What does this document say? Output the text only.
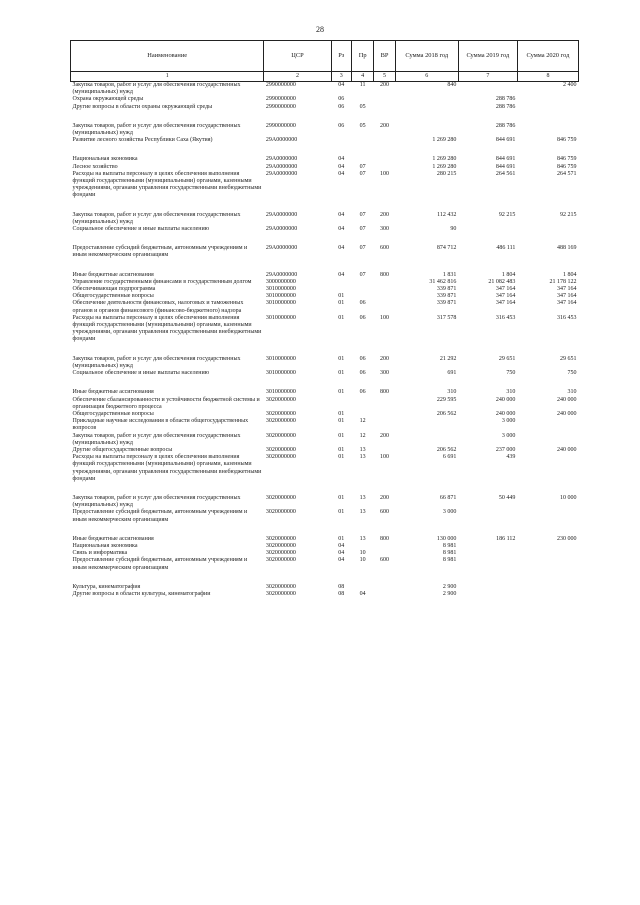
28
Наименование	ЦСР	Рз	Пр	ВР	Сумма 2018 год	Сумма 2019 год	Сумма 2020 год
1	2	3	4	5	6	7	8
Закупка товаров, работ и услуг для обеспечения государственных (муниципальных) нужд	2990000000	04	11	200	840		2 400
Охрана окружающей среды	2990000000	06				288 786	
Другие вопросы в области охраны окружающей среды	2990000000	06	05			288 786	

Закупка товаров, работ и услуг для обеспечения государственных (муниципальных) нужд	2990000000	06	05	200		288 786	
Развитие лесного хозяйства Республики Саха (Якутия)	29А0000000				1 269 280	844 691	846 759

Национальная экономика	29А0000000	04			1 269 280	844 691	846 759
Лесное хозяйство	29А0000000	04	07		1 269 280	844 691	846 759
Расходы на выплаты персоналу в целях обеспечения выполнения функций государственными (муниципальными) органами, казенными учреждениями, органами управления государственными внебюджетными фондами	29А0000000	04	07	100	280 215	264 561	264 571

Закупка товаров, работ и услуг для обеспечения государственных (муниципальных) нужд	29А0000000	04	07	200	112 432	92 215	92 215
Социальное обеспечение и иные выплаты населению	29А0000000	04	07	300	90		

Предоставление субсидий бюджетным, автономным учреждениям и иным некоммерческим организациям	29А0000000	04	07	600	874 712	486 111	488 169

Иные бюджетные ассигнования	29А0000000	04	07	800	1 831	1 804	1 804
Управление государственными финансами в государственным долгом	3000000000				31 462 816	21 082 483	21 178 122
Обеспечивающая подпрограмма	3010000000				339 871	347 164	347 164
Общегосударственные вопросы	3010000000	01			339 871	347 164	347 164
Обеспечение деятельности финансовых, налоговых и таможенных органов и органов финансового (финансово-бюджетного) надзора	3010000000	01	06		339 871	347 164	347 164
Расходы на выплаты персоналу в целях обеспечения выполнения функций государственными (муниципальными) органами, казенными учреждениями, органами управления государственными внебюджетными фондами	3010000000	01	06	100	317 578	316 453	316 453

Закупка товаров, работ и услуг для обеспечения государственных (муниципальных) нужд	3010000000	01	06	200	21 292	29 651	29 651
Социальное обеспечение и иные выплаты населению	3010000000	01	06	300	691	750	750

Иные бюджетные ассигнования	3010000000	01	06	800	310	310	310
Обеспечение сбалансированности и устойчивости бюджетной системы и организация бюджетного процесса	3020000000				229 595	240 000	240 000
Общегосударственные вопросы	3020000000	01			206 562	240 000	240 000
Прикладные научные исследования в области общегосударственных вопросов	3020000000	01	12			3 000	
Закупка товаров, работ и услуг для обеспечения государственных (муниципальных) нужд	3020000000	01	12	200		3 000	
Другие общегосударственные вопросы	3020000000	01	13		206 562	237 000	240 000
Расходы на выплаты персоналу в целях обеспечения выполнения функций государственными (муниципальными) органами, казенными учреждениями, органами управления государственными внебюджетными фондами	3020000000	01	13	100	6 691	439	

Закупка товаров, работ и услуг для обеспечения государственных (муниципальных) нужд	3020000000	01	13	200	66 871	50 449	10 000
Предоставление субсидий бюджетным, автономным учреждениям и иным некоммерческим организациям	3020000000	01	13	600	3 000		

Иные бюджетные ассигнования	3020000000	01	13	800	130 000	186 112	230 000
Национальная экономика	3020000000	04			8 981		
Связь и информатика	3020000000	04	10		8 981		
Предоставление субсидий бюджетным, автономным учреждениям и иным некоммерческим организациям	3020000000	04	10	600	8 981		

Культура, кинематография	3020000000	08			2 900		
Другие вопросы в области культуры, кинематографии	3020000000	08	04		2 900		
